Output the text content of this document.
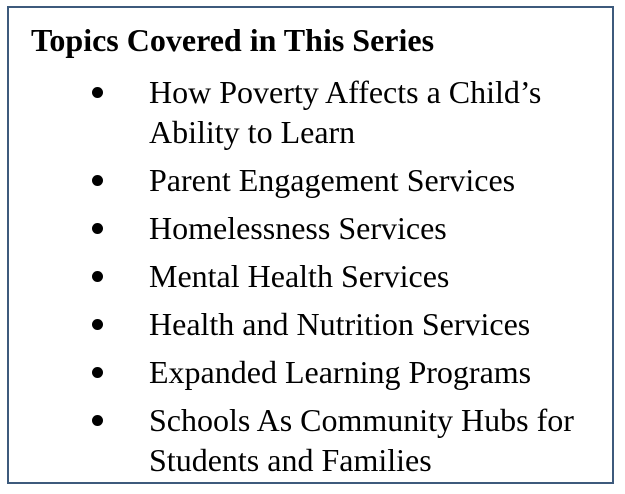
Topics Covered in This Series
How Poverty Affects a Child’s Ability to Learn
Parent Engagement Services
Homelessness Services
Mental Health Services
Health and Nutrition Services
Expanded Learning Programs
Schools As Community Hubs for Students and Families
